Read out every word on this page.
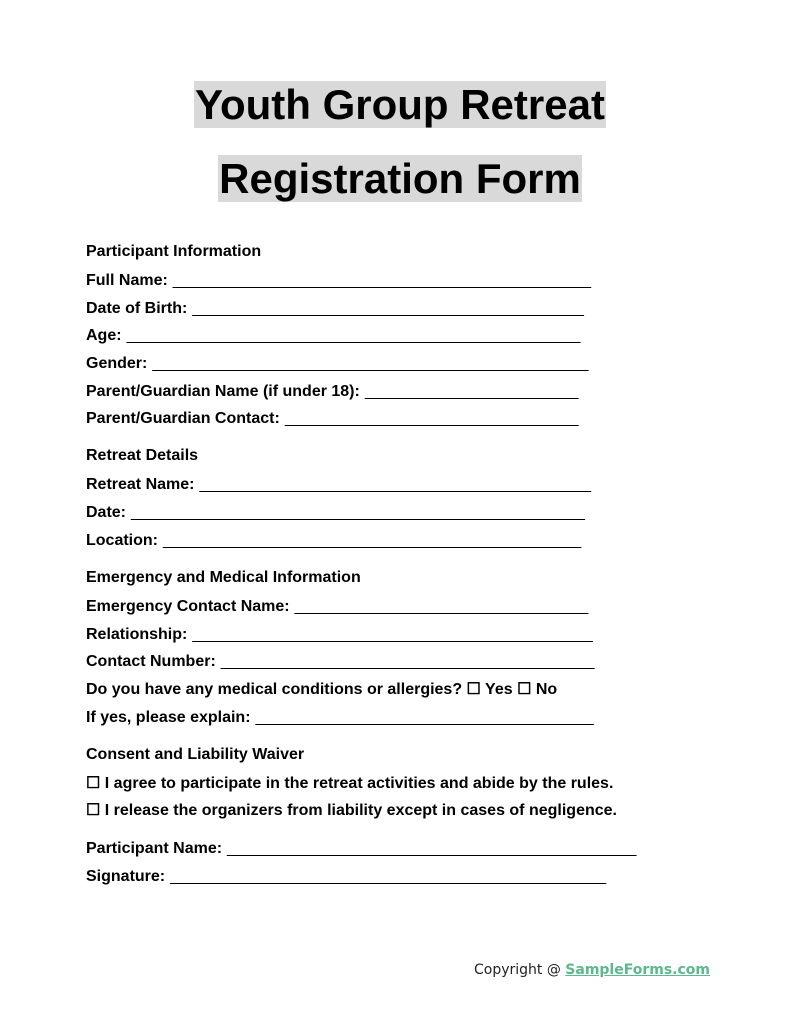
Youth Group Retreat
Registration Form
Participant Information
Full Name: _______________________________________________
Date of Birth: ____________________________________________
Age: ___________________________________________________
Gender: _________________________________________________
Parent/Guardian Name (if under 18): ________________________
Parent/Guardian Contact: _________________________________
Retreat Details
Retreat Name: ____________________________________________
Date: ___________________________________________________
Location: _______________________________________________
Emergency and Medical Information
Emergency Contact Name: _________________________________
Relationship: _____________________________________________
Contact Number: __________________________________________
Do you have any medical conditions or allergies? ☐ Yes ☐ No
If yes, please explain: ______________________________________
Consent and Liability Waiver
☐ I agree to participate in the retreat activities and abide by the rules.
☐ I release the organizers from liability except in cases of negligence.
Participant Name: ______________________________________________
Signature: _________________________________________________
Copyright @ SampleForms.com
